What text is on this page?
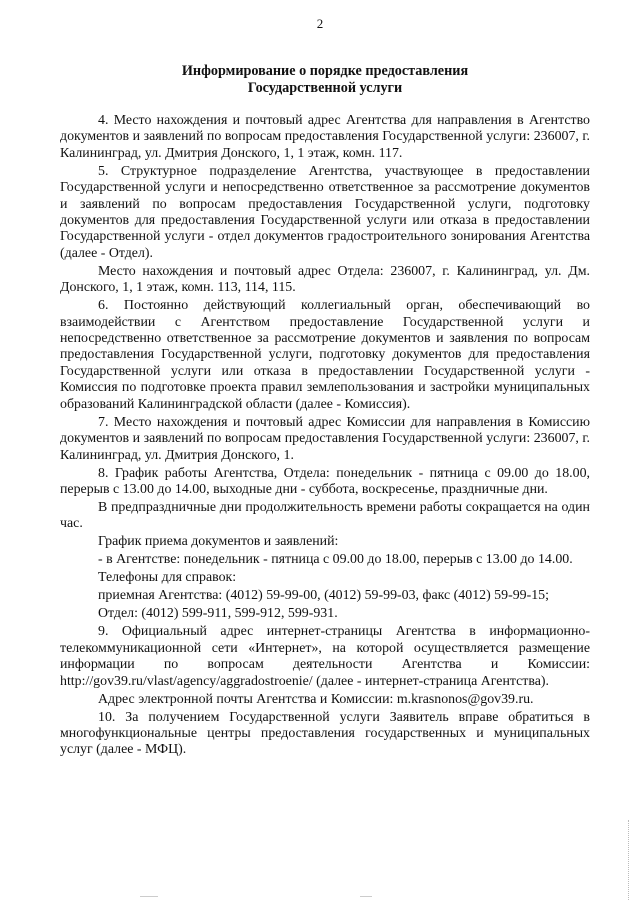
2
Информирование о порядке предоставления
Государственной услуги

4. Место нахождения и почтовый адрес Агентства для направления в Агентство документов и заявлений по вопросам предоставления Государственной услуги: 236007, г. Калининград, ул. Дмитрия Донского, 1, 1 этаж, комн. 117.

5. Структурное подразделение Агентства, участвующее в предоставлении Государственной услуги и непосредственно ответственное за рассмотрение документов и заявлений по вопросам предоставления Государственной услуги, подготовку документов для предоставления Государственной услуги или отказа в предоставлении Государственной услуги - отдел документов градостроительного зонирования Агентства (далее - Отдел).

Место нахождения и почтовый адрес Отдела: 236007, г. Калининград, ул. Дм. Донского, 1, 1 этаж, комн. 113, 114, 115.

6. Постоянно действующий коллегиальный орган, обеспечивающий во взаимодействии с Агентством предоставление Государственной услуги и непосредственно ответственное за рассмотрение документов и заявления по вопросам предоставления Государственной услуги, подготовку документов для предоставления Государственной услуги или отказа в предоставлении Государственной услуги - Комиссия по подготовке проекта правил землепользования и застройки муниципальных образований Калининградской области (далее - Комиссия).

7. Место нахождения и почтовый адрес Комиссии для направления в Комиссию документов и заявлений по вопросам предоставления Государственной услуги: 236007, г. Калининград, ул. Дмитрия Донского, 1.

8. График работы Агентства, Отдела: понедельник - пятница с 09.00 до 18.00, перерыв с 13.00 до 14.00, выходные дни - суббота, воскресенье, праздничные дни.

В предпраздничные дни продолжительность времени работы сокращается на один час.

График приема документов и заявлений:

- в Агентстве: понедельник - пятница с 09.00 до 18.00, перерыв с 13.00 до 14.00.

Телефоны для справок:

приемная Агентства: (4012) 59-99-00, (4012) 59-99-03, факс (4012) 59-99-15;

Отдел: (4012) 599-911, 599-912, 599-931.

9. Официальный адрес интернет-страницы Агентства в информационно-телекоммуникационной сети «Интернет», на которой осуществляется размещение информации по вопросам деятельности Агентства и Комиссии: http://gov39.ru/vlast/agency/aggradostroenie/ (далее - интернет-страница Агентства).

Адрес электронной почты Агентства и Комиссии: m.krasnonos@gov39.ru.

10. За получением Государственной услуги Заявитель вправе обратиться в многофункциональные центры предоставления государственных и муниципальных услуг (далее - МФЦ).
